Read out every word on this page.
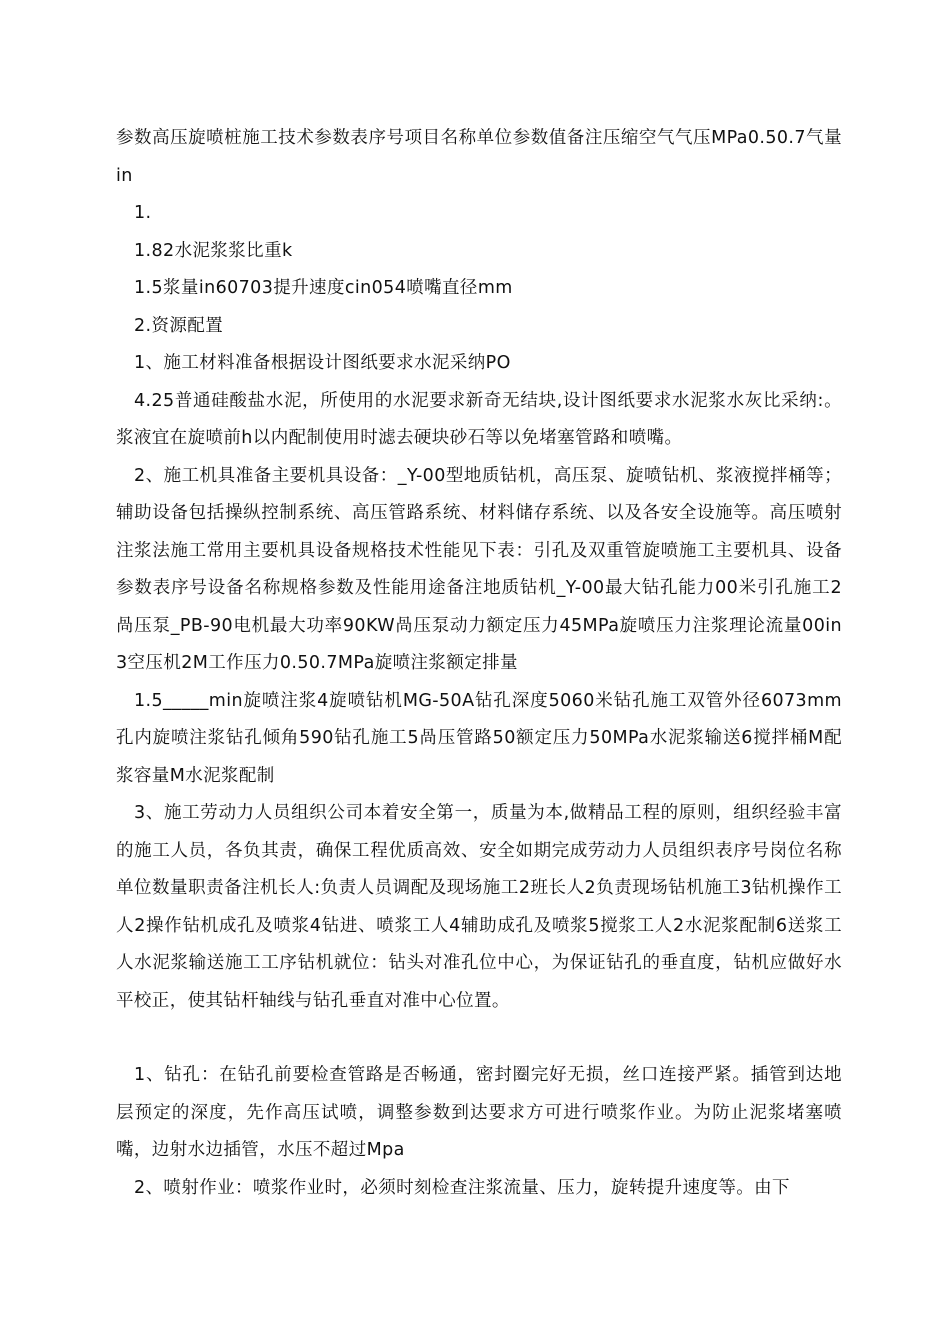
参数高压旋喷桩施工技术参数表序号项目名称单位参数值备注压缩空气气压MPa0.50.7气量in

1.

1.82水泥浆浆比重k

1.5浆量in60703提升速度cin054喷嘴直径mm

2.资源配置

1、施工材料准备根据设计图纸要求水泥采纳PO

4.25普通硅酸盐水泥，所使用的水泥要求新奇无结块,设计图纸要求水泥浆水灰比采纳:。浆液宜在旋喷前h以内配制使用时滤去硬块砂石等以免堵塞管路和喷嘴。

2、施工机具准备主要机具设备：_Y-00型地质钻机，高压泵、旋喷钻机、浆液搅拌桶等；辅助设备包括操纵控制系统、高压管路系统、材料储存系统、以及各安全设施等。高压喷射注浆法施工常用主要机具设备规格技术性能见下表：引孔及双重管旋喷施工主要机具、设备参数表序号设备名称规格参数及性能用途备注地质钻机_Y-00最大钻孔能力00米引孔施工2咼压泵_PB-90电机最大功率90KW咼压泵动力额定压力45MPa旋喷压力注浆理论流量00in3空压机2M工作压力0.50.7MPa旋喷注浆额定排量

1.5_____min旋喷注浆4旋喷钻机MG-50A钻孔深度5060米钻孔施工双管外径6073mm孔内旋喷注浆钻孔倾角590钻孔施工5咼压管路50额定压力50MPa水泥浆输送6搅拌桶M配浆容量M水泥浆配制

3、施工劳动力人员组织公司本着安全第一，质量为本,做精品工程的原则，组织经验丰富的施工人员，各负其责，确保工程优质高效、安全如期完成劳动力人员组织表序号岗位名称单位数量职责备注机长人:负责人员调配及现场施工2班长人2负责现场钻机施工3钻机操作工人2操作钻机成孔及喷浆4钻进、喷浆工人4辅助成孔及喷浆5搅浆工人2水泥浆配制6送浆工人水泥浆输送施工工序钻机就位：钻头对准孔位中心，为保证钻孔的垂直度，钻机应做好水平校正，使其钻杆轴线与钻孔垂直对准中心位置。

1、钻孔：在钻孔前要检查管路是否畅通，密封圈完好无损，丝口连接严紧。插管到达地层预定的深度，先作高压试喷，调整参数到达要求方可进行喷浆作业。为防止泥浆堵塞喷嘴，边射水边插管，水压不超过Mpa

2、喷射作业：喷浆作业时，必须时刻检查注浆流量、压力，旋转提升速度等。由下
